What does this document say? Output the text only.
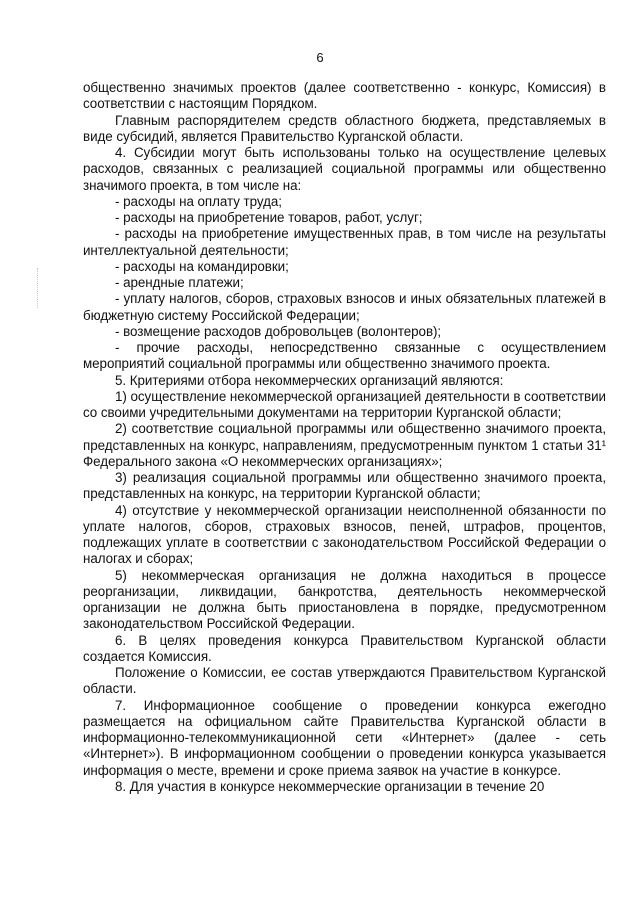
6

общественно значимых проектов (далее соответственно - конкурс, Комиссия) в соответствии с настоящим Порядком.

Главным распорядителем средств областного бюджета, представляемых в виде субсидий, является Правительство Курганской области.

4. Субсидии могут быть использованы только на осуществление целевых расходов, связанных с реализацией социальной программы или общественно значимого проекта, в том числе на:

- расходы на оплату труда;

- расходы на приобретение товаров, работ, услуг;

- расходы на приобретение имущественных прав, в том числе на результаты интеллектуальной деятельности;

- расходы на командировки;

- арендные платежи;

- уплату налогов, сборов, страховых взносов и иных обязательных платежей в бюджетную систему Российской Федерации;

- возмещение расходов добровольцев (волонтеров);

- прочие расходы, непосредственно связанные с осуществлением мероприятий социальной программы или общественно значимого проекта.

5. Критериями отбора некоммерческих организаций являются:

1) осуществление некоммерческой организацией деятельности в соответствии со своими учредительными документами на территории Курганской области;

2) соответствие социальной программы или общественно значимого проекта, представленных на конкурс, направлениям, предусмотренным пунктом 1 статьи 31¹ Федерального закона «О некоммерческих организациях»;

3) реализация социальной программы или общественно значимого проекта, представленных на конкурс, на территории Курганской области;

4) отсутствие у некоммерческой организации неисполненной обязанности по уплате налогов, сборов, страховых взносов, пеней, штрафов, процентов, подлежащих уплате в соответствии с законодательством Российской Федерации о налогах и сборах;

5) некоммерческая организация не должна находиться в процессе реорганизации, ликвидации, банкротства, деятельность некоммерческой организации не должна быть приостановлена в порядке, предусмотренном законодательством Российской Федерации.

6. В целях проведения конкурса Правительством Курганской области создается Комиссия.

Положение о Комиссии, ее состав утверждаются Правительством Курганской области.

7. Информационное сообщение о проведении конкурса ежегодно размещается на официальном сайте Правительства Курганской области в информационно-телекоммуникационной сети «Интернет» (далее - сеть «Интернет»). В информационном сообщении о проведении конкурса указывается информация о месте, времени и сроке приема заявок на участие в конкурсе.

8. Для участия в конкурсе некоммерческие организации в течение 20
